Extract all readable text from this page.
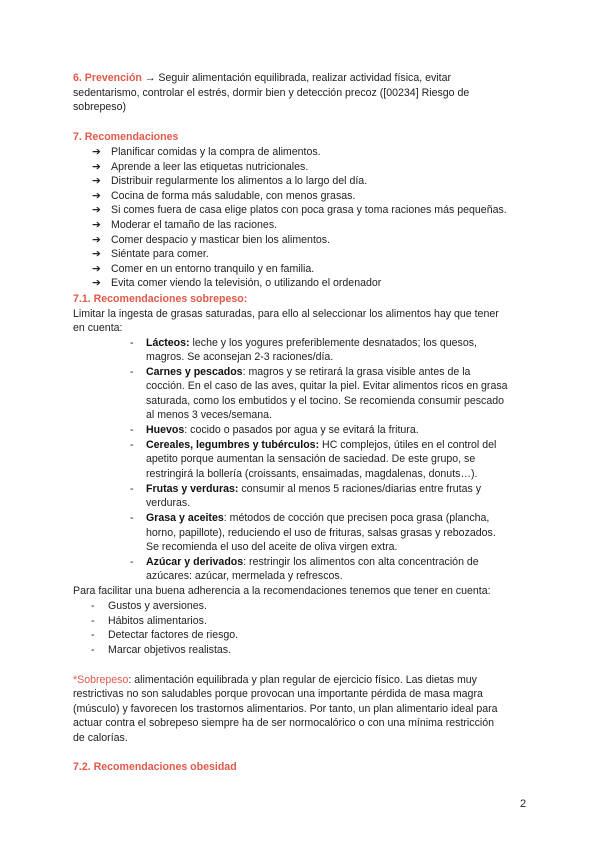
6. Prevención → Seguir alimentación equilibrada, realizar actividad física, evitar
sedentarismo, controlar el estrés, dormir bien y detección precoz ([00234] Riesgo de
sobrepeso)
7. Recomendaciones
➔ Planificar comidas y la compra de alimentos.
➔ Aprende a leer las etiquetas nutricionales.
➔ Distribuir regularmente los alimentos a lo largo del día.
➔ Cocina de forma más saludable, con menos grasas.
➔ Si comes fuera de casa elige platos con poca grasa y toma raciones más pequeñas.
➔ Moderar el tamaño de las raciones.
➔ Comer despacio y masticar bien los alimentos.
➔ Siéntate para comer.
➔ Comer en un entorno tranquilo y en familia.
➔ Evita comer viendo la televisión, o utilizando el ordenador
7.1. Recomendaciones sobrepeso:
Limitar la ingesta de grasas saturadas, para ello al seleccionar los alimentos hay que tener
en cuenta:
- Lácteos: leche y los yogures preferiblemente desnatados; los quesos,
magros. Se aconsejan 2-3 raciones/día.
- Carnes y pescados: magros y se retirará la grasa visible antes de la
cocción. En el caso de las aves, quitar la piel. Evitar alimentos ricos en grasa
saturada, como los embutidos y el tocino. Se recomienda consumir pescado
al menos 3 veces/semana.
- Huevos: cocido o pasados por agua y se evitará la fritura.
- Cereales, legumbres y tubérculos: HC complejos, útiles en el control del
apetito porque aumentan la sensación de saciedad. De este grupo, se
restringirá la bollería (croissants, ensaimadas, magdalenas, donuts…).
- Frutas y verduras: consumir al menos 5 raciones/diarias entre frutas y
verduras.
- Grasa y aceites: métodos de cocción que precisen poca grasa (plancha,
horno, papillote), reduciendo el uso de frituras, salsas grasas y rebozados.
Se recomienda el uso del aceite de oliva virgen extra.
- Azúcar y derivados: restringir los alimentos con alta concentración de
azúcares: azúcar, mermelada y refrescos.
Para facilitar una buena adherencia a la recomendaciones tenemos que tener en cuenta:
- Gustos y aversiones.
- Hábitos alimentarios.
- Detectar factores de riesgo.
- Marcar objetivos realistas.
*Sobrepeso: alimentación equilibrada y plan regular de ejercicio físico. Las dietas muy
restrictivas no son saludables porque provocan una importante pérdida de masa magra
(músculo) y favorecen los trastornos alimentarios. Por tanto, un plan alimentario ideal para
actuar contra el sobrepeso siempre ha de ser normocalórico o con una mínima restricción
de calorías.
7.2. Recomendaciones obesidad
2
